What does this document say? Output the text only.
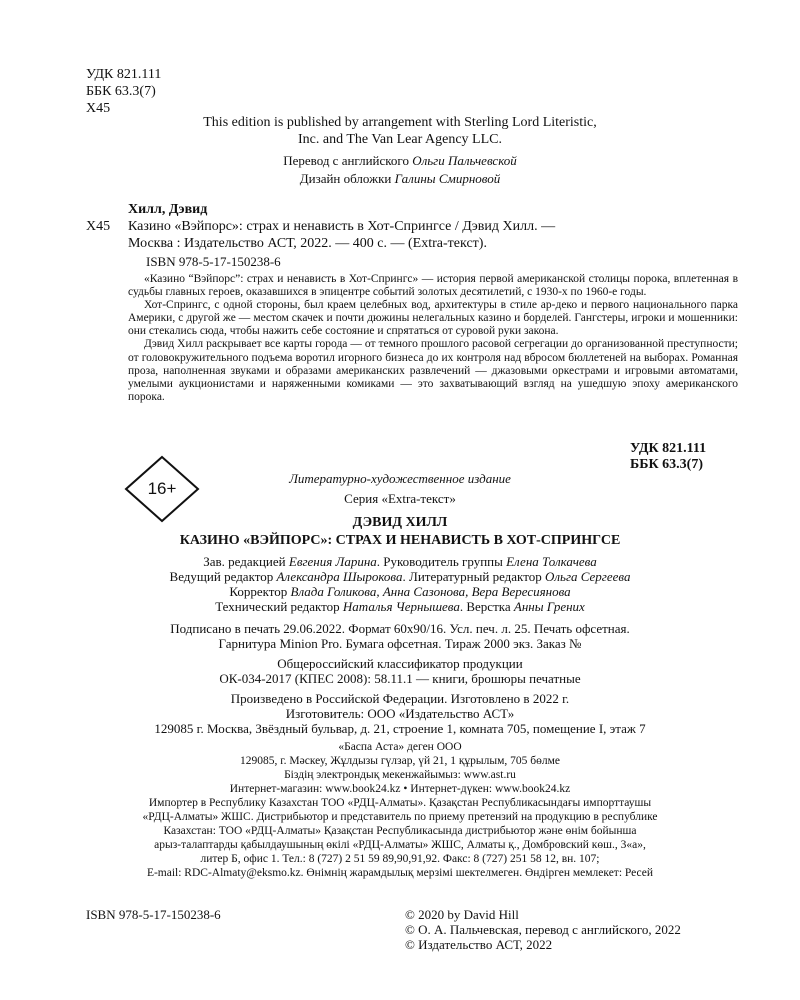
УДК 821.111

ББК 63.3(7)

Х45

This edition is published by arrangement with Sterling Lord Literistic,

Inc. and The Van Lear Agency LLC.

Перевод с английского Ольги Пальчевской

Дизайн обложки Галины Смирновой

Хилл, Дэвид

Х45 Казино «Вэйпорс»: страх и ненависть в Хот-Спрингсе / Дэвид Хилл. —

Москва : Издательство АСТ, 2022. — 400 с. — (Extra-текст).

ISBN 978-5-17-150238-6

«Казино “Вэйпорс”: страх и ненависть в Хот-Спрингс» — история первой американской столицы порока, вплетенная в судьбы главных героев, оказавшихся в эпицентре событий золотых десятилетий, с 1930-х по 1960-е годы.

Хот-Спрингс, с одной стороны, был краем целебных вод, архитектуры в стиле ар-деко и первого национального парка Америки, с другой же — местом скачек и почти дюжины нелегальных казино и борделей. Гангстеры, игроки и мошенники: они стекались сюда, чтобы нажить себе состояние и спрятаться от суровой руки закона.

Дэвид Хилл раскрывает все карты города — от темного прошлого расовой сегрегации до организованной преступности; от головокружительного подъема воротил игорного бизнеса до их контроля над вбросом бюллетеней на выборах. Романная проза, наполненная звуками и образами американских развлечений — джазовыми оркестрами и игровыми автоматами, умелыми аукционистами и наряженными комиками — это захватывающий взгляд на ушедшую эпоху американского порока.

УДК 821.111

ББК 63.3(7)

16+

Литературно-художественное издание

Серия «Extra-текст»

ДЭВИД ХИЛЛ

КАЗИНО «ВЭЙПОРС»: СТРАХ И НЕНАВИСТЬ В ХОТ-СПРИНГСЕ

Зав. редакцией Евгения Ларина. Руководитель группы Елена Толкачева

Ведущий редактор Александра Шырокова. Литературный редактор Ольга Сергеева

Корректор Влада Голикова, Анна Сазонова, Вера Вересиянова

Технический редактор Наталья Чернышева. Верстка Анны Грених

Подписано в печать 29.06.2022. Формат 60x90/16. Усл. печ. л. 25. Печать офсетная.

Гарнитура Minion Pro. Бумага офсетная. Тираж 2000 экз. Заказ №

Общероссийский классификатор продукции

ОК-034-2017 (КПЕС 2008): 58.11.1 — книги, брошюры печатные

Произведено в Российской Федерации. Изготовлено в 2022 г.

Изготовитель: ООО «Издательство АСТ»

129085 г. Москва, Звёздный бульвар, д. 21, строение 1, комната 705, помещение I, этаж 7

«Баспа Аста» деген ООО

129085, г. Мәскеу, Жұлдызы гүлзар, үй 21, 1 құрылым, 705 бөлме

Біздің электрондық мекенжайымыз: www.ast.ru

Интернет-магазин: www.book24.kz • Интернет-дүкен: www.book24.kz

Импортер в Республику Казахстан ТОО «РДЦ-Алматы». Қазақстан Республикасындағы импорттаушы

«РДЦ-Алматы» ЖШС. Дистрибьютор и представитель по приему претензий на продукцию в республике

Казахстан: ТОО «РДЦ-Алматы» Қазақстан Республикасында дистрибьютор және өнім бойынша

арыз-талаптарды қабылдаушының өкілі «РДЦ-Алматы» ЖШС, Алматы қ., Домбровский көш., 3«а»,

литер Б, офис 1. Тел.: 8 (727) 2 51 59 89,90,91,92. Факс: 8 (727) 251 58 12, вн. 107;

E-mail: RDC-Almaty@eksmo.kz. Өнімнің жарамдылық мерзімі шектелмеген. Өндірген мемлекет: Ресей

ISBN 978-5-17-150238-6	© 2020 by David Hill

© О. А. Пальчевская, перевод с английского, 2022

© Издательство АСТ, 2022
